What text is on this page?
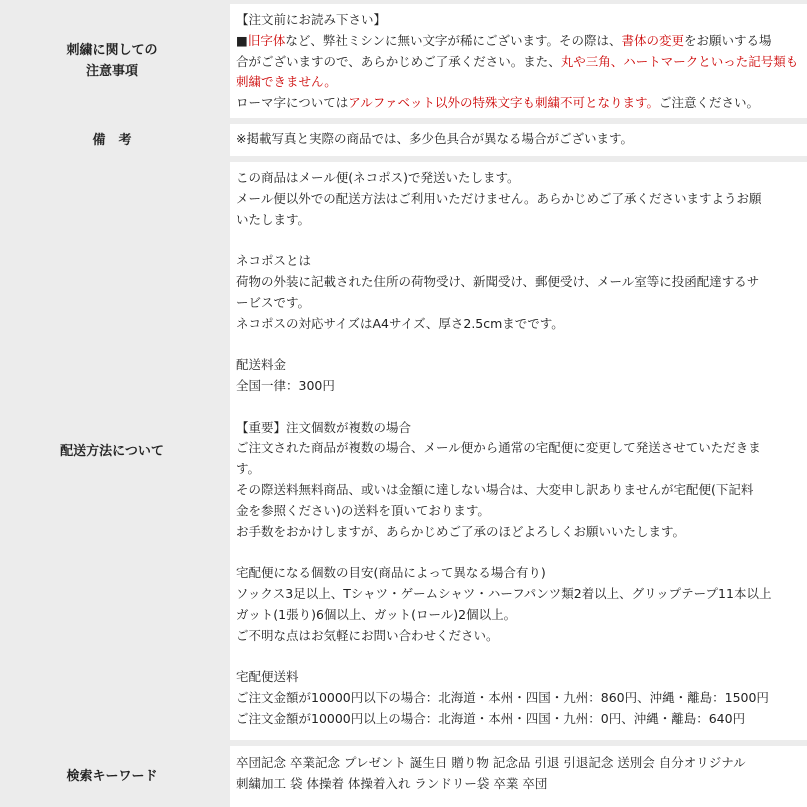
刺繍に関しての
注意事項
【注文前にお読み下さい】
■旧字体など、弊社ミシンに無い文字が稀にございます。その際は、書体の変更をお願いする場
合がございますので、あらかじめご了承ください。また、丸や三角、ハートマークといった記号類も
刺繍できません。
ローマ字についてはアルファベット以外の特殊文字も刺繍不可となります。ご注意ください。
備　考	※掲載写真と実際の商品では、多少色具合が異なる場合がございます。
配送方法について
この商品はメール便(ネコポス)で発送いたします。
メール便以外での配送方法はご利用いただけません。あらかじめご了承くださいますようお願
いたします。
ネコポスとは
荷物の外装に記載された住所の荷物受け、新聞受け、郵便受け、メール室等に投函配達するサ
ービスです。
ネコポスの対応サイズはA4サイズ、厚さ2.5cmまでです。
配送料金
全国一律：300円
【重要】注文個数が複数の場合
ご注文された商品が複数の場合、メール便から通常の宅配便に変更して発送させていただきま
す。
その際送料無料商品、或いは金額に達しない場合は、大変申し訳ありませんが宅配便(下記料
金を参照ください)の送料を頂いております。
お手数をおかけしますが、あらかじめご了承のほどよろしくお願いいたします。
宅配便になる個数の目安(商品によって異なる場合有り)
ソックス3足以上、Tシャツ・ゲームシャツ・ハーフパンツ類2着以上、グリップテープ11本以上
ガット(1張り)6個以上、ガット(ロール)2個以上。
ご不明な点はお気軽にお問い合わせください。
宅配便送料
ご注文金額が10000円以下の場合：北海道・本州・四国・九州：860円、沖縄・離島：1500円
ご注文金額が10000円以上の場合：北海道・本州・四国・九州：0円、沖縄・離島：640円
検索キーワード
卒団記念 卒業記念 プレゼント 誕生日 贈り物 記念品 引退 引退記念 送別会 自分オリジナル
刺繍加工 袋 体操着 体操着入れ ランドリー袋 卒業 卒団
